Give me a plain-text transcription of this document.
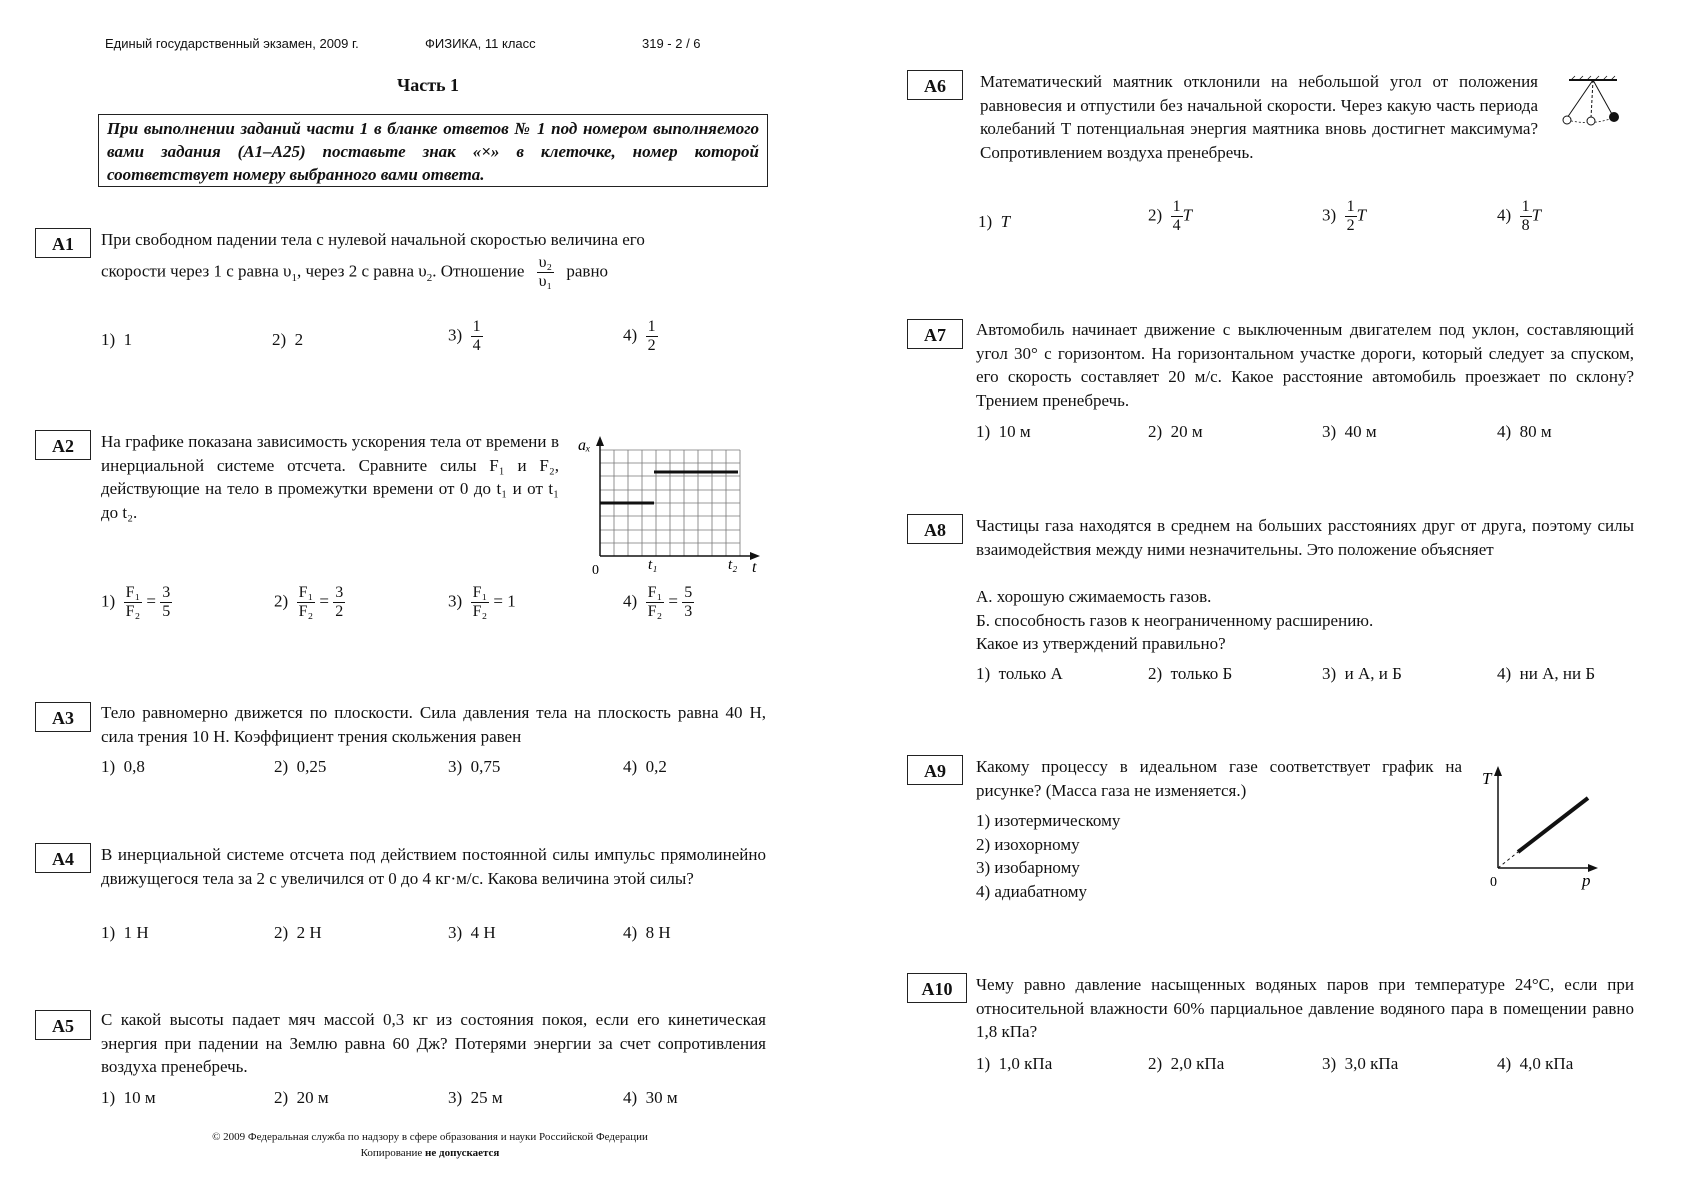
Единый государственный экзамен, 2009 г.	ФИЗИКА, 11 класс	319 - 2 / 6
Часть 1
При выполнении заданий части 1 в бланке ответов № 1 под номером выполняемого вами задания (А1–А25) поставьте знак «×» в клеточке, номер которой соответствует номеру выбранного вами ответа.
А1	При свободном падении тела с нулевой начальной скоростью величина его
скорости через 1 с равна $\upsilon_1$, через 2 с равна $\upsilon_2$. Отношение $\frac{\text{υ₂}}{\text{υ₁}}$ равно
1) 1	2) 2	$3) \frac{1}{4}$	$4) \frac{1}{2}$
А2	На графике показана зависимость ускорения тела от времени в инерциальной системе отсчета. Сравните силы F₁ и F₂, действующие на тело в промежутки времени от 0 до t₁ и от t₁ до t₂.
aₓ
0	t₁	t₂ t
$1) \frac{\text{F₁}}{\text{F₂}} = \frac{3}{5}$	$2) \frac{\text{F₁}}{\text{F₂}} = \frac{3}{2}$	$3) \frac{\text{F₁}}{\text{F₂}} = 1$	$4) \frac{\text{F₁}}{\text{F₂}} = \frac{5}{3}$
А3	Тело равномерно движется по плоскости. Сила давления тела на плоскость равна 40 Н, сила трения 10 Н. Коэффициент трения скольжения равен
1) 0,8	2) 0,25	3) 0,75	4) 0,2
А4	В инерциальной системе отсчета под действием постоянной силы импульс прямолинейно движущегося тела за 2 с увеличился от 0 до 4 кг·м/с. Какова величина этой силы?
1) 1 Н	2) 2 Н	3) 4 Н	4) 8 Н
А5	С какой высоты падает мяч массой 0,3 кг из состояния покоя, если его кинетическая энергия при падении на Землю равна 60 Дж? Потерями энергии за счет сопротивления воздуха пренебречь.
1) 10 м	2) 20 м	3) 25 м	4) 30 м
© 2009 Федеральная служба по надзору в сфере образования и науки Российской Федерации
Копирование не допускается
А6	Математический маятник отклонили на небольшой угол от положения равновесия и отпустили без начальной скорости. Через какую часть периода колебаний T потенциальная энергия маятника вновь достигнет максимума? Сопротивлением воздуха пренебречь.
1) T	$2) \frac{1}{4}$ T	$3) \frac{1}{2}$ T	$4) \frac{1}{8}$ T
А7	Автомобиль начинает движение с выключенным двигателем под уклон, составляющий угол 30° с горизонтом. На горизонтальном участке дороги, который следует за спуском, его скорость составляет 20 м/с. Какое расстояние автомобиль проезжает по склону? Трением пренебречь.
1) 10 м	2) 20 м	3) 40 м	4) 80 м
А8	Частицы газа находятся в среднем на больших расстояниях друг от друга, поэтому силы взаимодействия между ними незначительны. Это положение объясняет
А. хорошую сжимаемость газов.
Б. способность газов к неограниченному расширению.
Какое из утверждений правильно?
1) только А	2) только Б	3) и А, и Б	4) ни А, ни Б
А9	Какому процессу в идеальном газе соответствует график на рисунке? (Масса газа не изменяется.)
1) изотермическому
2) изохорному
3) изобарному
4) адиабатному
T
0	p
А10	Чему равно давление насыщенных водяных паров при температуре 24°С, если при относительной влажности 60% парциальное давление водяного пара в помещении равно 1,8 кПа?
1) 1,0 кПа	2) 2,0 кПа	3) 3,0 кПа	4) 4,0 кПа
